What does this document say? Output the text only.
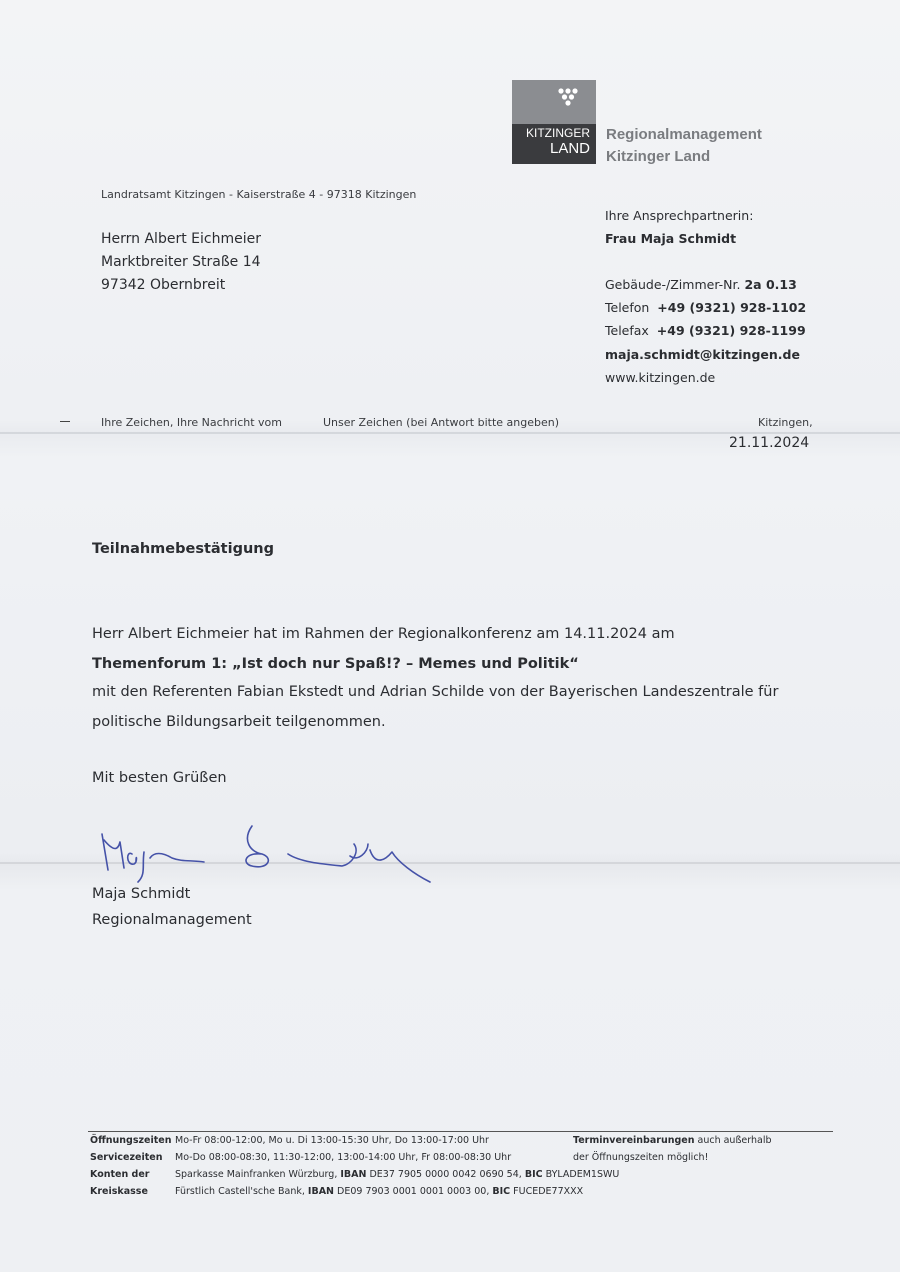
KITZINGER
LAND
Regionalmanagement
Kitzinger Land
Landratsamt Kitzingen - Kaiserstraße 4 - 97318 Kitzingen
Herrn Albert Eichmeier
Marktbreiter Straße 14
97342 Obernbreit
Ihre Ansprechpartnerin:
Frau Maja Schmidt
Gebäude-/Zimmer-Nr. 2a 0.13
Telefon +49 (9321) 928-1102
Telefax +49 (9321) 928-1199
maja.schmidt@kitzingen.de
www.kitzingen.de
Ihre Zeichen, Ihre Nachricht vom	Unser Zeichen (bei Antwort bitte angeben)	Kitzingen,
21.11.2024
Teilnahmebestätigung
Herr Albert Eichmeier hat im Rahmen der Regionalkonferenz am 14.11.2024 am
Themenforum 1: „Ist doch nur Spaß!? – Memes und Politik“
mit den Referenten Fabian Ekstedt und Adrian Schilde von der Bayerischen Landeszentrale für
politische Bildungsarbeit teilgenommen.
Mit besten Grüßen
Maja Schmidt
Regionalmanagement
Öffnungszeiten Mo-Fr 08:00-12:00, Mo u. Di 13:00-15:30 Uhr, Do 13:00-17:00 Uhr	Terminvereinbarungen auch außerhalb
Servicezeiten Mo-Do 08:00-08:30, 11:30-12:00, 13:00-14:00 Uhr, Fr 08:00-08:30 Uhr	der Öffnungszeiten möglich!
Konten der	Sparkasse Mainfranken Würzburg, IBAN DE37 7905 0000 0042 0690 54, BIC BYLADEM1SWU
Kreiskasse	Fürstlich Castell'sche Bank, IBAN DE09 7903 0001 0001 0003 00, BIC FUCEDE77XXX
